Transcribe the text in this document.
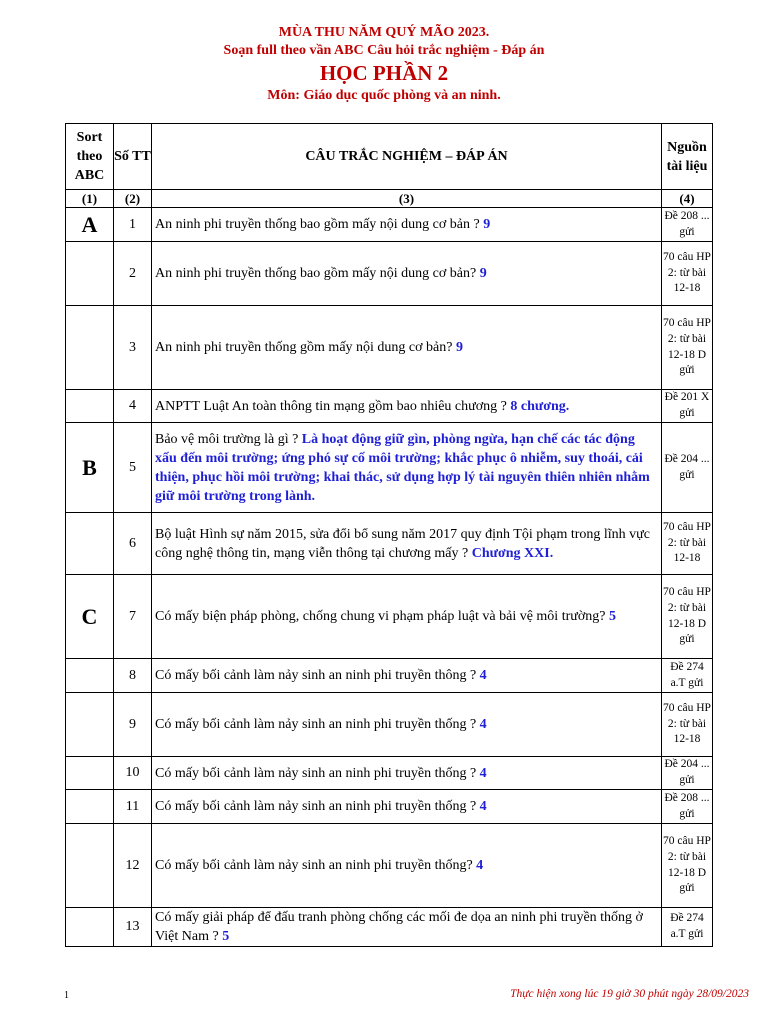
MÙA THU NĂM QUÝ MÃO 2023.
Soạn full theo vần ABC Câu hỏi trắc nghiệm - Đáp án
HỌC PHẦN 2
Môn: Giáo dục quốc phòng và an ninh.
Sort theo ABC	Số TT	CÂU TRẮC NGHIỆM – ĐÁP ÁN	Nguồn tài liệu
(1)	(2)	(3)	(4)
A	1	An ninh phi truyền thống bao gồm mấy nội dung cơ bản ? 9	Đề 208 ... gửi
	2	An ninh phi truyền thống bao gồm mấy nội dung cơ bản? 9	70 câu HP 2: từ bài 12-18
	3	An ninh phi truyền thống gồm mấy nội dung cơ bản? 9	70 câu HP 2: từ bài 12-18 D gửi
	4	ANPTT Luật An toàn thông tin mạng gồm bao nhiêu chương ? 8 chương.	Đề 201 X gửi
B	5	Bảo vệ môi trường là gì ? Là hoạt động giữ gìn, phòng ngừa, hạn chế các tác động xấu đến môi trường; ứng phó sự cố môi trường; khắc phục ô nhiễm, suy thoái, cải thiện, phục hồi môi trường; khai thác, sử dụng hợp lý tài nguyên thiên nhiên nhằm giữ môi trường trong lành.	Đề 204 ... gửi
	6	Bộ luật Hình sự năm 2015, sửa đổi bổ sung năm 2017 quy định Tội phạm trong lĩnh vực công nghệ thông tin, mạng viễn thông tại chương mấy ? Chương XXI.	70 câu HP 2: từ bài 12-18
C	7	Có mấy biện pháp phòng, chống chung vi phạm pháp luật và bải vệ môi trường? 5	70 câu HP 2: từ bài 12-18 D gửi
	8	Có mấy bối cảnh làm nảy sinh an ninh phi truyền thông ? 4	Đề 274 a.T gửi
	9	Có mấy bối cảnh làm nảy sinh an ninh phi truyền thống ? 4	70 câu HP 2: từ bài 12-18
	10	Có mấy bối cảnh làm nảy sinh an ninh phi truyền thống ? 4	Đề 204 ... gửi
	11	Có mấy bối cảnh làm nảy sinh an ninh phi truyền thống ? 4	Đề 208 ... gửi
	12	Có mấy bối cảnh làm nảy sinh an ninh phi truyền thống? 4	70 câu HP 2: từ bài 12-18 D gửi
	13	Có mấy giải pháp để đấu tranh phòng chống các mối đe dọa an ninh phi truyền thống ở Việt Nam ? 5	Đề 274 a.T gửi
1	Thực hiện xong lúc 19 giờ 30 phút ngày 28/09/2023
